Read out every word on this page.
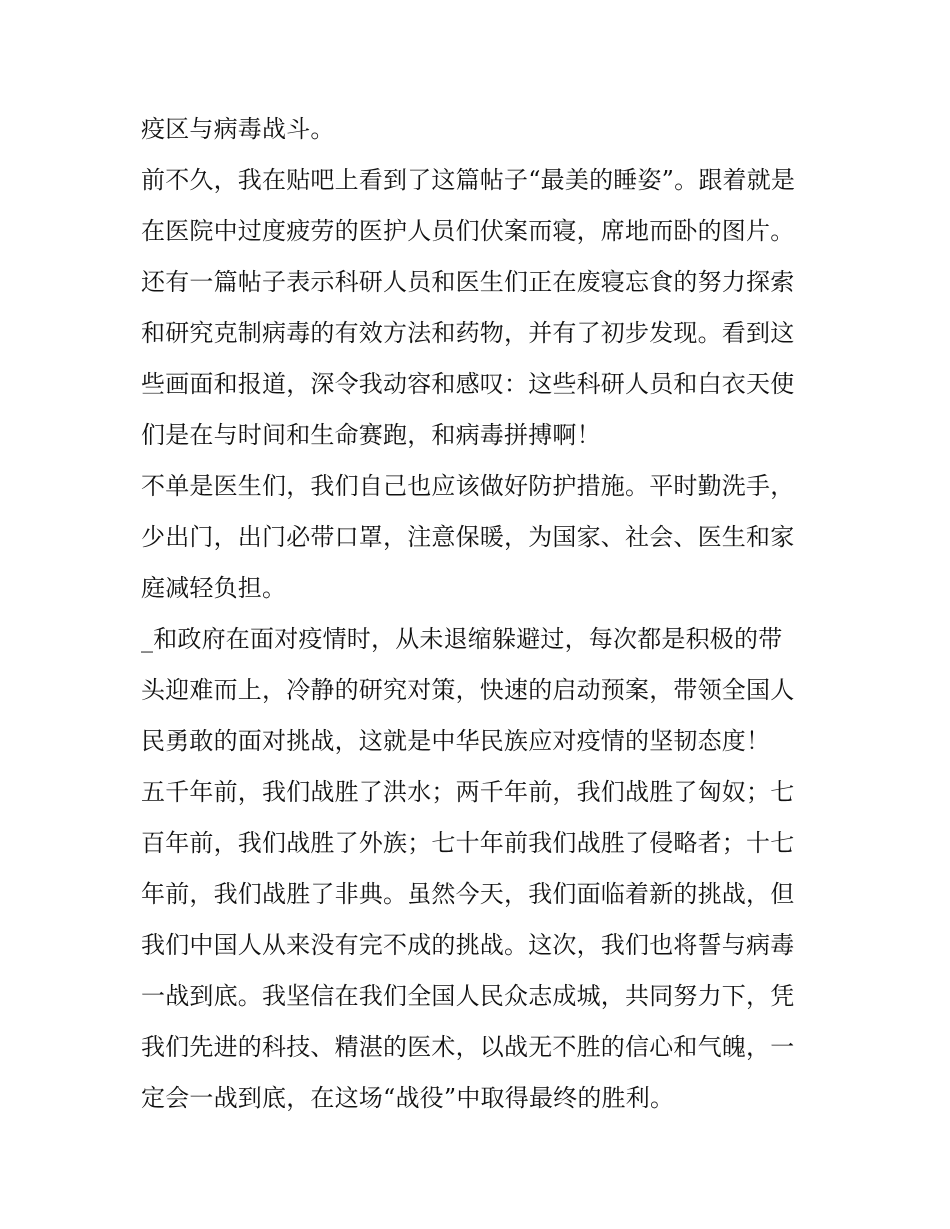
疫区与病毒战斗。
前不久，我在贴吧上看到了这篇帖子“最美的睡姿”。跟着就是
在医院中过度疲劳的医护人员们伏案而寝，席地而卧的图片。
还有一篇帖子表示科研人员和医生们正在废寝忘食的努力探索
和研究克制病毒的有效方法和药物，并有了初步发现。看到这
些画面和报道，深令我动容和感叹：这些科研人员和白衣天使
们是在与时间和生命赛跑，和病毒拼搏啊！
不单是医生们，我们自己也应该做好防护措施。平时勤洗手，
少出门，出门必带口罩，注意保暖，为国家、社会、医生和家
庭减轻负担。
_和政府在面对疫情时，从未退缩躲避过，每次都是积极的带
头迎难而上，冷静的研究对策，快速的启动预案，带领全国人
民勇敢的面对挑战，这就是中华民族应对疫情的坚韧态度！
五千年前，我们战胜了洪水；两千年前，我们战胜了匈奴；七
百年前，我们战胜了外族；七十年前我们战胜了侵略者；十七
年前，我们战胜了非典。虽然今天，我们面临着新的挑战，但
我们中国人从来没有完不成的挑战。这次，我们也将誓与病毒
一战到底。我坚信在我们全国人民众志成城，共同努力下，凭
我们先进的科技、精湛的医术，以战无不胜的信心和气魄，一
定会一战到底，在这场“战役”中取得最终的胜利。
